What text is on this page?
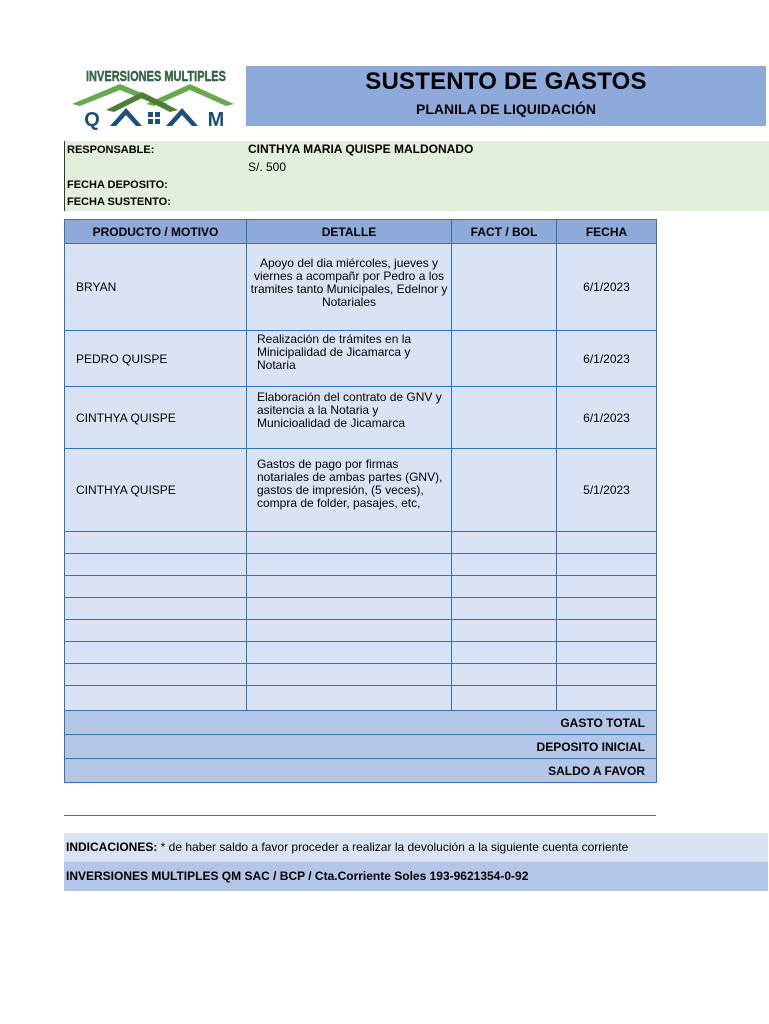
INVERSIONES MULTIPLES
Q	M
SUSTENTO DE GASTOS
PLANILA DE LIQUIDACIÓN
RESPONSABLE:	CINTHYA MARIA QUISPE MALDONADO
S/. 500
FECHA DEPOSITO:
FECHA SUSTENTO:
PRODUCTO / MOTIVO	DETALLE	FACT / BOL	FECHA
BRYAN	Apoyo del dia miércoles, jueves y viernes a acompañr por Pedro a los tramites tanto Municipales, Edelnor y Notariales		6/1/2023
PEDRO QUISPE	Realización de trámites en la Minicipalidad de Jicamarca y Notaria		6/1/2023
CINTHYA QUISPE	Elaboración del contrato de GNV y asitencia a la Notaria y Municioalidad de Jicamarca		6/1/2023
CINTHYA QUISPE	Gastos de pago por firmas notariales de ambas partes (GNV), gastos de impresión, (5 veces), compra de folder, pasajes, etc,		5/1/2023

GASTO TOTAL			
DEPOSITO INICIAL			
SALDO A FAVOR			
INDICACIONES: * de haber saldo a favor proceder a realizar la devolución a la siguiente cuenta corriente
INVERSIONES MULTIPLES QM SAC / BCP / Cta.Corriente Soles 193-9621354-0-92
